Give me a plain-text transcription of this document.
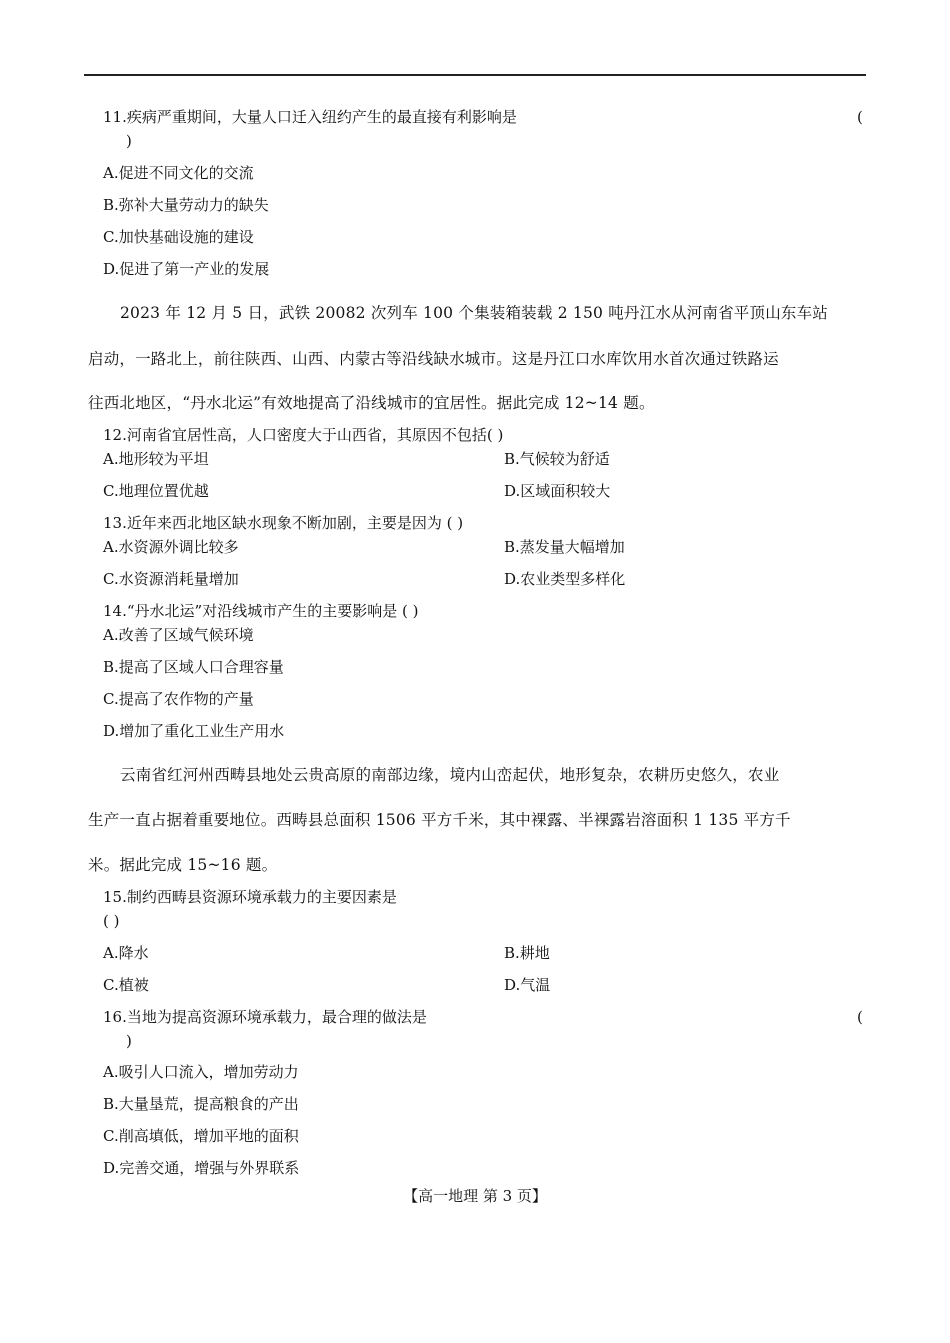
11.疾病严重期间，大量人口迁入纽约产生的最直接有利影响是	(
)
A.促进不同文化的交流
B.弥补大量劳动力的缺失
C.加快基础设施的建设
D.促进了第一产业的发展
2023 年 12 月 5 日，武铁 20082 次列车 100 个集装箱装载 2 150 吨丹江水从河南省平顶山东车站
启动，一路北上，前往陕西、山西、内蒙古等沿线缺水城市。这是丹江口水库饮用水首次通过铁路运
往西北地区，“丹水北运”有效地提高了沿线城市的宜居性。据此完成 12~14 题。
12.河南省宜居性高，人口密度大于山西省，其原因不包括( )
A.地形较为平坦	B.气候较为舒适
C.地理位置优越	D.区域面积较大
13.近年来西北地区缺水现象不断加剧，主要是因为 ( )
A.水资源外调比较多	B.蒸发量大幅增加
C.水资源消耗量增加	D.农业类型多样化
14.“丹水北运”对沿线城市产生的主要影响是 ( )
A.改善了区域气候环境
B.提高了区域人口合理容量
C.提高了农作物的产量
D.增加了重化工业生产用水
云南省红河州西畴县地处云贵高原的南部边缘，境内山峦起伏，地形复杂，农耕历史悠久，农业
生产一直占据着重要地位。西畴县总面积 1506 平方千米，其中裸露、半裸露岩溶面积 1 135 平方千
米。据此完成 15~16 题。
15.制约西畴县资源环境承载力的主要因素是
( )
A.降水	B.耕地
C.植被	D.气温
16.当地为提高资源环境承载力，最合理的做法是	(
)
A.吸引人口流入，增加劳动力
B.大量垦荒，提高粮食的产出
C.削高填低，增加平地的面积
D.完善交通，增强与外界联系
【高一地理 第 3 页】
